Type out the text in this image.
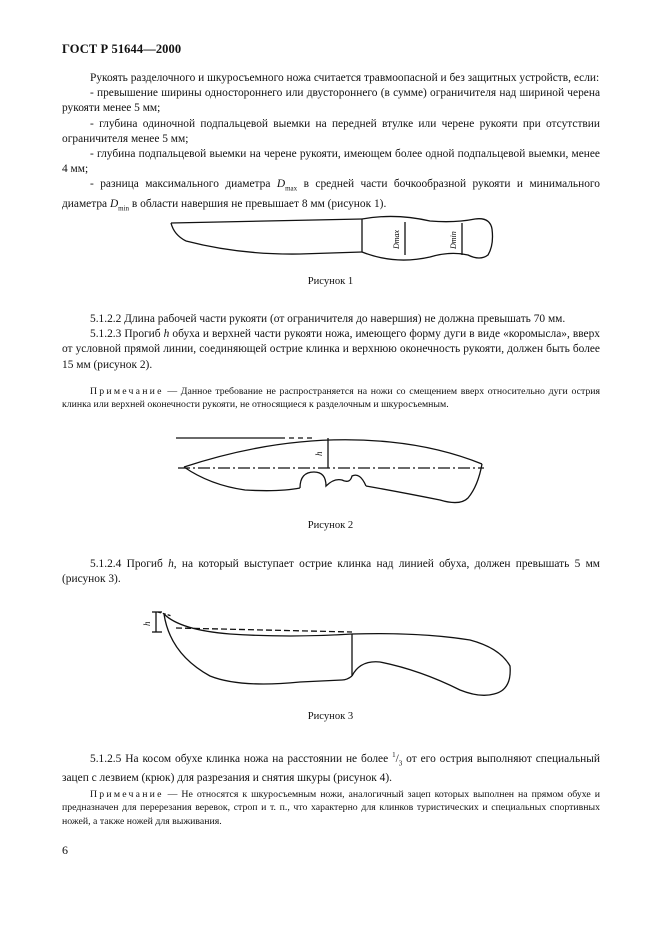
ГОСТ Р 51644—2000

Рукоять разделочного и шкуросъемного ножа считается травмоопасной и без защитных устройств, если:

- превышение ширины одностороннего или двустороннего (в сумме) ограничителя над шириной черена рукояти менее 5 мм;

- глубина одиночной подпальцевой выемки на передней втулке или черене рукояти при отсутствии ограничителя менее 5 мм;

- глубина подпальцевой выемки на черене рукояти, имеющем более одной подпальцевой выемки, менее 4 мм;

- разница максимального диаметра $D_{max}$ в средней части бочкообразной рукояти и минимального диаметра $D_{min}$ в области навершия не превышает 8 мм (рисунок 1).

Dmax	Dmin
Рисунок 1

5.1.2.2 Длина рабочей части рукояти (от ограничителя до навершия) не должна превышать 70 мм.

5.1.2.3 Прогиб h обуха и верхней части рукояти ножа, имеющего форму дуги в виде «коромысла», вверх от условной прямой линии, соединяющей острие клинка и верхнюю оконечность рукояти, должен быть более 15 мм (рисунок 2).

Примечание — Данное требование не распространяется на ножи со смещением вверх относительно дуги острия клинка или верхней оконечности рукояти, не относящиеся к разделочным и шкуросъемным.

h
Рисунок 2

5.1.2.4 Прогиб h, на который выступает острие клинка над линией обуха, должен превышать 5 мм (рисунок 3).

h
Рисунок 3

5.1.2.5 На косом обухе клинка ножа на расстоянии не более $^1/_3$ от его острия выполняют специальный зацеп с лезвием (крюк) для разрезания и снятия шкуры (рисунок 4).

Примечание — Не относятся к шкуросъемным ножи, аналогичный зацеп которых выполнен на прямом обухе и предназначен для перерезания веревок, строп и т. п., что характерно для клинков туристических и специальных спортивных ножей, а также ножей для выживания.

6
